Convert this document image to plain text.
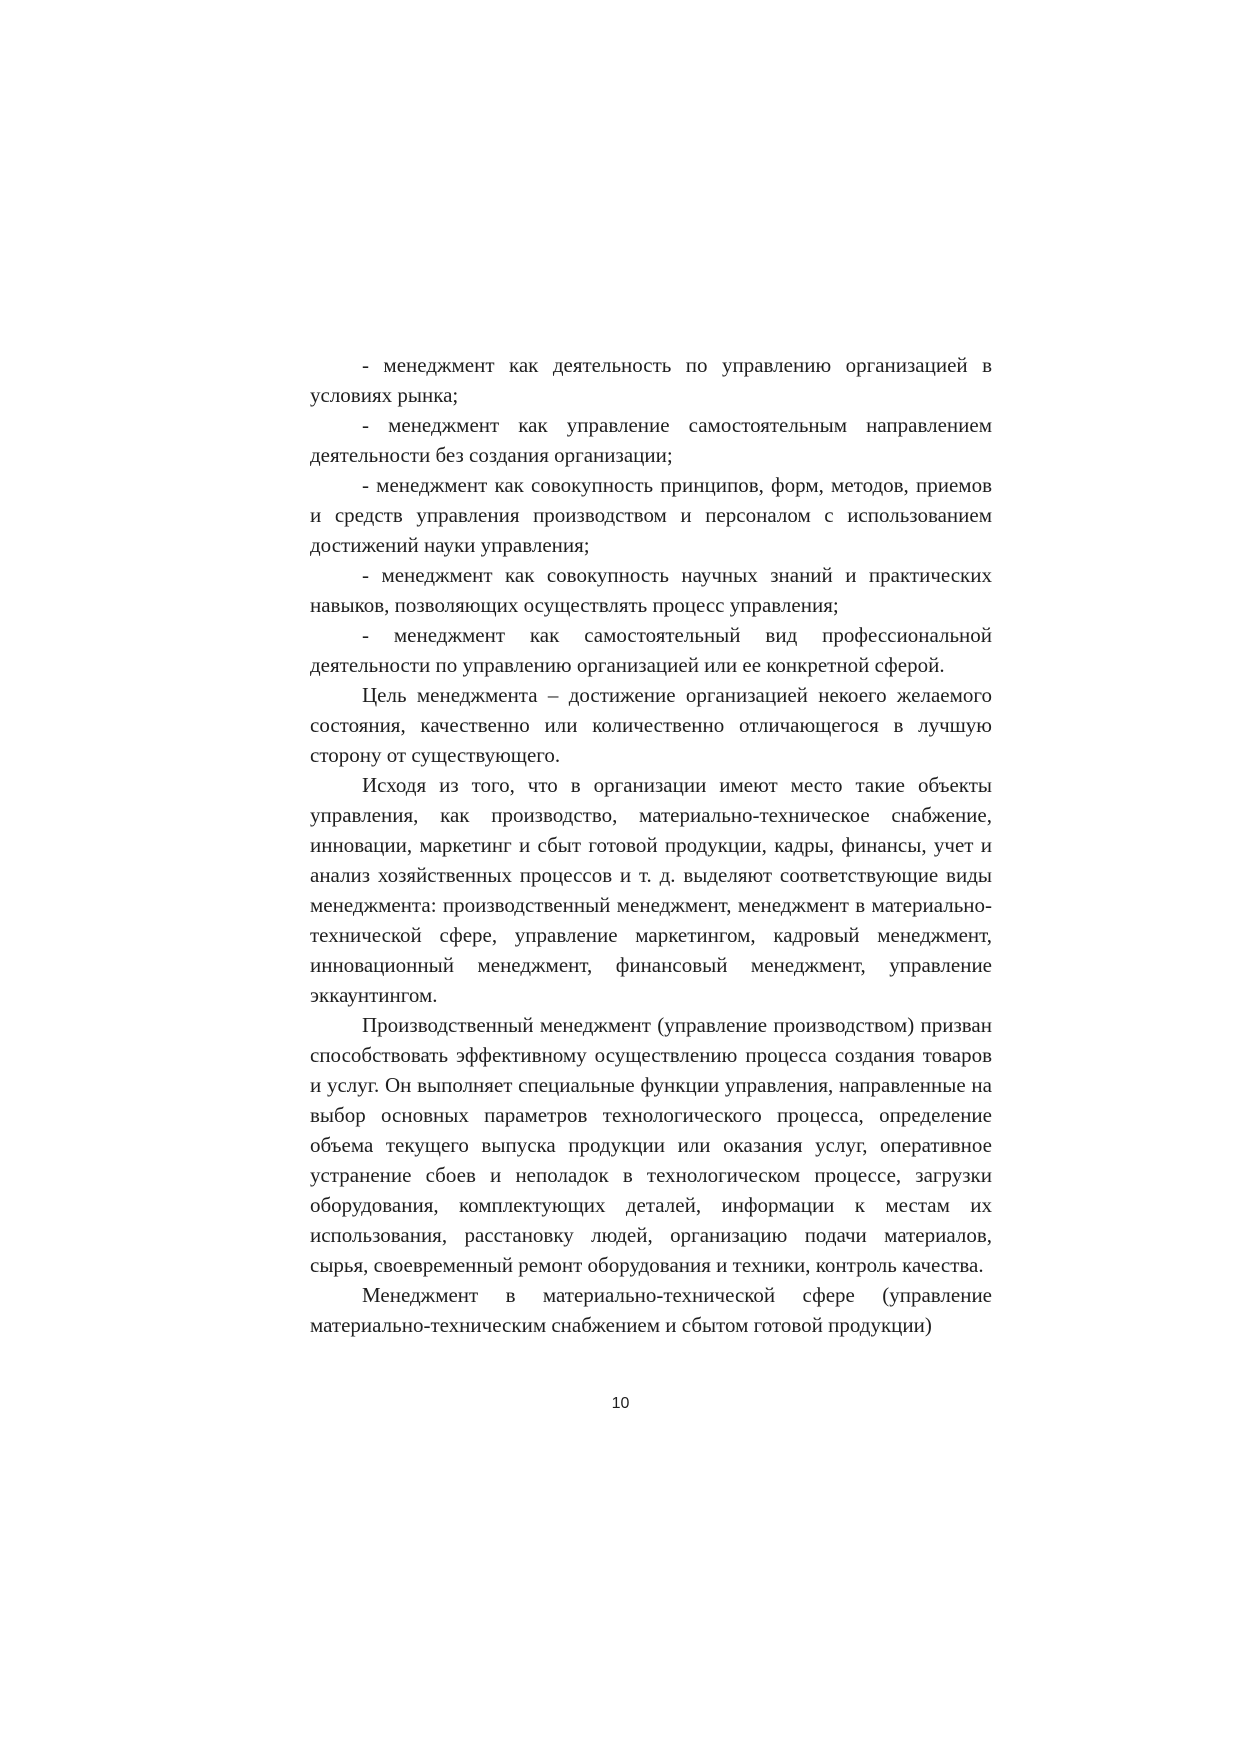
- менеджмент как деятельность по управлению организацией в условиях рынка;

- менеджмент как управление самостоятельным направлением деятельности без создания организации;

- менеджмент как совокупность принципов, форм, методов, приемов и средств управления производством и персоналом с использованием достижений науки управления;

- менеджмент как совокупность научных знаний и практических навыков, позволяющих осуществлять процесс управления;

- менеджмент как самостоятельный вид профессиональной деятельности по управлению организацией или ее конкретной сферой.

Цель менеджмента – достижение организацией некоего желаемого состояния, качественно или количественно отличающегося в лучшую сторону от существующего.

Исходя из того, что в организации имеют место такие объекты управления, как производство, материально-техническое снабжение, инновации, маркетинг и сбыт готовой продукции, кадры, финансы, учет и анализ хозяйственных процессов и т. д. выделяют соответствующие виды менеджмента: производственный менеджмент, менеджмент в материально-технической сфере, управление маркетингом, кадровый менеджмент, инновационный менеджмент, финансовый менеджмент, управление эккаунтингом.

Производственный менеджмент (управление производством) призван способствовать эффективному осуществлению процесса создания товаров и услуг. Он выполняет специальные функции управления, направленные на выбор основных параметров технологического процесса, определение объема текущего выпуска продукции или оказания услуг, оперативное устранение сбоев и неполадок в технологическом процессе, загрузки оборудования, комплектующих деталей, информации к местам их использования, расстановку людей, организацию подачи материалов, сырья, своевременный ремонт оборудования и техники, контроль качества.

Менеджмент в материально-технической сфере (управление материально-техническим снабжением и сбытом готовой продукции)

10
